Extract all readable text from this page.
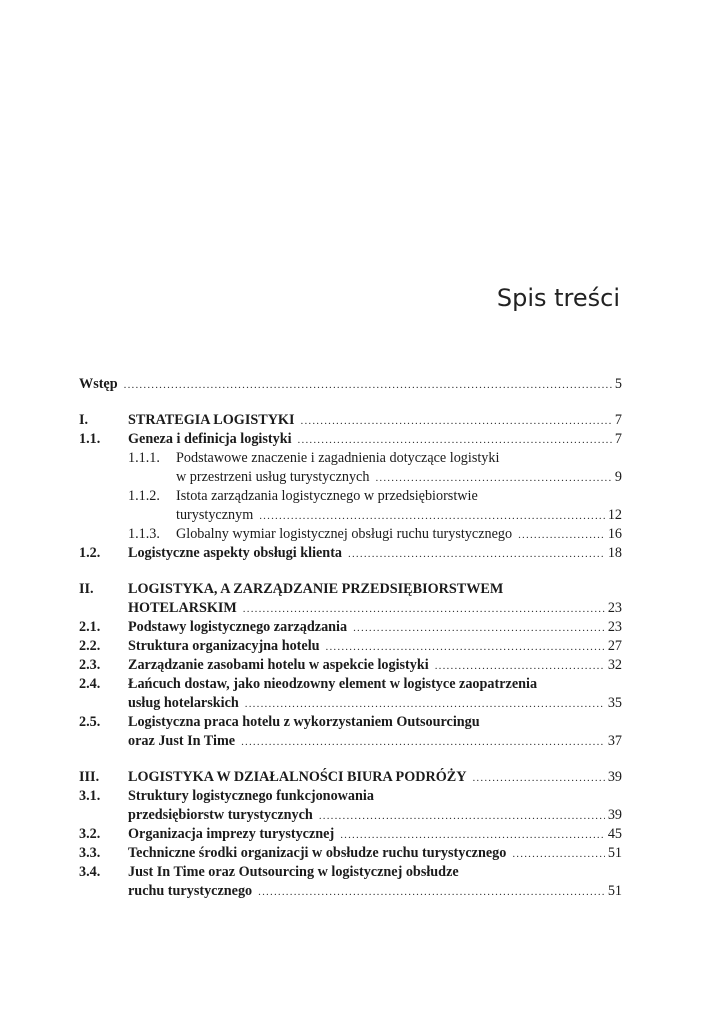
Spis treści
Wstęp .....	5
I.	STRATEGIA LOGISTYKI .....	7
1.1. Geneza i definicja logistyki .....	7
1.1.1. Podstawowe znaczenie i zagadnienia dotyczące logistyki
w przestrzeni usług turystycznych .....	9
1.1.2. Istota zarządzania logistycznego w przedsiębiorstwie
turystycznym .....	12
1.1.3. Globalny wymiar logistycznej obsługi ruchu turystycznego .....	16
1.2. Logistyczne aspekty obsługi klienta .....	18
II. LOGISTYKA, A ZARZĄDZANIE PRZEDSIĘBIORSTWEM
HOTELARSKIM .....	23
2.1. Podstawy logistycznego zarządzania .....	23
2.2. Struktura organizacyjna hotelu .....	27
2.3. Zarządzanie zasobami hotelu w aspekcie logistyki .....	32
2.4. Łańcuch dostaw, jako nieodzowny element w logistyce zaopatrzenia
usług hotelarskich .....	35
2.5. Logistyczna praca hotelu z wykorzystaniem Outsourcingu
oraz Just In Time .....	37
III. LOGISTYKA W DZIAŁALNOŚCI BIURA PODRÓŻY .....	39
3.1. Struktury logistycznego funkcjonowania
przedsiębiorstw turystycznych .....	39
3.2. Organizacja imprezy turystycznej .....	45
3.3. Techniczne środki organizacji w obsłudze ruchu turystycznego .....	51
3.4. Just In Time oraz Outsourcing w logistycznej obsłudze
ruchu turystycznego .....	51
